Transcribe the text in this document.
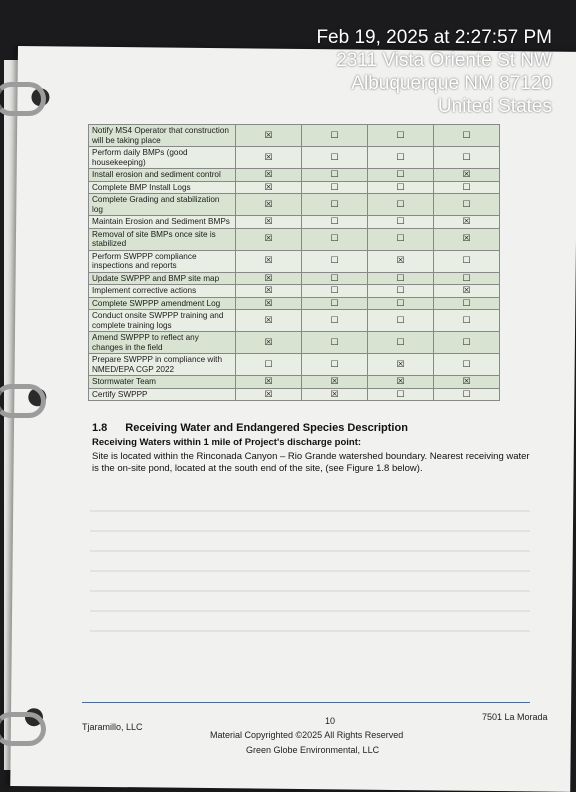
Notify MS4 Operator that construction will be taking place	☒	☐	☐	☐
Perform daily BMPs (good housekeeping)	☒	☐	☐	☐
Install erosion and sediment control	☒	☐	☐	☒
Complete BMP Install Logs	☒	☐	☐	☐
Complete Grading and stabilization log	☒	☐	☐	☐
Maintain Erosion and Sediment BMPs	☒	☐	☐	☒
Removal of site BMPs once site is stabilized	☒	☐	☐	☒
Perform SWPPP compliance inspections and reports	☒	☐	☒	☐
Update SWPPP and BMP site map	☒	☐	☐	☐
Implement corrective actions	☒	☐	☐	☒
Complete SWPPP amendment Log	☒	☐	☐	☐
Conduct onsite SWPPP training and complete training logs	☒	☐	☐	☐
Amend SWPPP to reflect any changes in the field	☒	☐	☐	☐
Prepare SWPPP in compliance with NMED/EPA CGP 2022	☐	☐	☒	☐
Stormwater Team	☒	☒	☒	☒
Certify SWPPP	☒	☒	☐	☐
1.8 Receiving Water and Endangered Species Description
Receiving Waters within 1 mile of Project's discharge point:
Site is located within the Rinconada Canyon – Rio Grande watershed boundary. Nearest receiving water is the on-site pond, located at the south end of the site, (see Figure 1.8 below).
Tjaramillo, LLC
10	7501 La Morada
Material Copyrighted ©2025 All Rights Reserved
Green Globe Environmental, LLC
Feb 19, 2025 at 2:27:57 PM
2311 Vista Oriente St NW
Albuquerque NM 87120
United States
